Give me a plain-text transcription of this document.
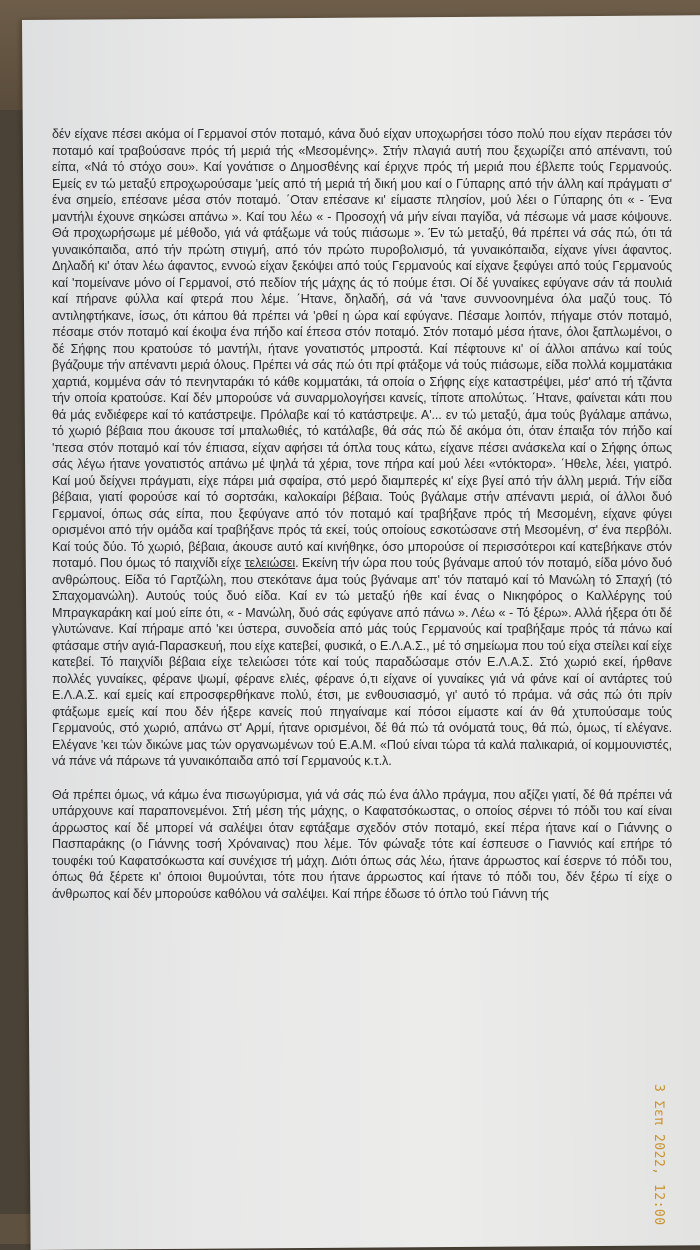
δέν είχανε πέσει ακόμα οί Γερμανοί στόν ποταμό, κάνα δυό είχαν υποχωρήσει τόσο πολύ που είχαν περάσει τόν ποταμό καί τραβούσανε πρός τή μεριά τής «Μεσομένης». Στήν πλαγιά αυτή που ξεχωρίζει από απέναντι, τού είπα, «Νά τό στόχο σου». Καί γονάτισε ο Δημοσθένης καί έριχνε πρός τή μεριά που έβλεπε τούς Γερμανούς. Εμείς εν τώ μεταξύ επροχωρούσαμε 'μείς από τή μεριά τή δική μου καί ο Γύπαρης από τήν άλλη καί πράγματι σ' ένα σημείο, επέσανε μέσα στόν ποταμό. ΄Οταν επέσανε κι' είμαστε πλησίον, μού λέει ο Γύπαρης ότι « - Ένα μαντήλι έχουνε σηκώσει απάνω ». Καί του λέω « - Προσοχή νά μήν είναι παγίδα, νά πέσωμε νά μασε κόψουνε. Θά προχωρήσωμε μέ μέθοδο, γιά νά φτάξωμε νά τούς πιάσωμε ». Έν τώ μεταξύ, θά πρέπει νά σάς πώ, ότι τά γυναικόπαιδα, από τήν πρώτη στιγμή, από τόν πρώτο πυροβολισμό, τά γυναικόπαιδα, είχανε γίνει άφαντος. Δηλαδή κι' όταν λέω άφαντος, εννοώ είχαν ξεκόψει από τούς Γερμανούς καί είχανε ξεφύγει από τούς Γερμανούς καί 'πομείνανε μόνο οί Γερμανοί, στό πεδίον τής μάχης άς τό πούμε έτσι. Οί δέ γυναίκες εφύγανε σάν τά πουλιά καί πήρανε φύλλα καί φτερά που λέμε. ΄Ητανε, δηλαδή, σά νά 'τανε συννοονημένα όλα μαζύ τους. Τό αντιληφτήκανε, ίσως, ότι κάπου θά πρέπει νά 'ρθεί η ώρα καί εφύγανε. Πέσαμε λοιπόν, πήγαμε στόν ποταμό, πέσαμε στόν ποταμό καί έκοψα ένα πήδο καί έπεσα στόν ποταμό. Στόν ποταμό μέσα ήτανε, όλοι ξαπλωμένοι, ο δέ Σήφης που κρατούσε τό μαντήλι, ήτανε γονατιστός μπροστά. Καί πέφτουνε κι' οί άλλοι απάνω καί τούς βγάζουμε τήν απέναντι μεριά όλους. Πρέπει νά σάς πώ ότι πρί φτάξομε νά τούς πιάσωμε, είδα πολλά κομματάκια χαρτιά, κομμένα σάν τό πενηνταράκι τό κάθε κομματάκι, τά οποία ο Σήφης είχε καταστρέψει, μέσ' από τή τζάντα τήν οποία κρατούσε. Καί δέν μπορούσε νά συναρμολογήσει κανείς, τίποτε απολύτως. ΄Ητανε, φαίνεται κάτι που θά μάς ενδιέφερε καί τό κατάστρεψε. Πρόλαβε καί τό κατάστρεψε. Α'... εν τώ μεταξύ, άμα τούς βγάλαμε απάνω, τό χωριό βέβαια που άκουσε τσί μπαλωθιές, τό κατάλαβε, θά σάς πώ δέ ακόμα ότι, όταν έπαιξα τόν πήδο καί 'πεσα στόν ποταμό καί τόν έπιασα, είχαν αφήσει τά όπλα τους κάτω, είχανε πέσει ανάσκελα καί ο Σήφης όπως σάς λέγω ήτανε γονατιστός απάνω μέ ψηλά τά χέρια, τονε πήρα καί μού λέει «ντόκτορα». ΄Ηθελε, λέει, γιατρό. Καί μού δείχνει πράγματι, είχε πάρει μιά σφαίρα, στό μερό διαμπερές κι' είχε βγεί από τήν άλλη μεριά. Τήν είδα βέβαια, γιατί φορούσε καί τό σορτσάκι, καλοκαίρι βέβαια. Τούς βγάλαμε στήν απέναντι μεριά, οί άλλοι δυό Γερμανοί, όπως σάς είπα, που ξεφύγανε από τόν ποταμό καί τραβήξανε πρός τή Μεσομένη, είχανε φύγει ορισμένοι από τήν ομάδα καί τραβήξανε πρός τά εκεί, τούς οποίους εσκοτώσανε στή Μεσομένη, σ' ένα περβόλι. Καί τούς δύο. Τό χωριό, βέβαια, άκουσε αυτό καί κινήθηκε, όσο μπορούσε οί περισσότεροι καί κατεβήκανε στόν ποταμό. Που όμως τό παιχνίδι είχε τελειώσει. Εκείνη τήν ώρα που τούς βγάναμε απού τόν ποταμό, είδα μόνο δυό ανθρώπους. Είδα τό Γαρτζώλη, που στεκότανε άμα τούς βγάναμε απ' τόν παταμό καί τό Μανώλη τό Σπαχή (τό Σπαχομανώλη). Αυτούς τούς δυό είδα. Καί εν τώ μεταξύ ήθε καί ένας ο Νικηφόρος ο Καλλέργης τού Μπραγκαράκη καί μού είπε ότι, « - Μανώλη, δυό σάς εφύγανε από πάνω ». Λέω « - Τό ξέρω». Αλλά ήξερα ότι δέ γλυτώνανε. Καί πήραμε από 'κει ύστερα, συνοδεία από μάς τούς Γερμανούς καί τραβήξαμε πρός τά πάνω καί φτάσαμε στήν αγιά-Παρασκευή, που είχε κατεβεί, φυσικά, ο Ε.Λ.Α.Σ., μέ τό σημείωμα που τού είχα στείλει καί είχε κατεβεί. Τό παιχνίδι βέβαια είχε τελειώσει τότε καί τούς παραδώσαμε στόν Ε.Λ.Α.Σ. Στό χωριό εκεί, ήρθανε πολλές γυναίκες, φέρανε ψωμί, φέρανε ελιές, φέρανε ό,τι είχανε οί γυναίκες γιά νά φάνε καί οί αντάρτες τού Ε.Λ.Α.Σ. καί εμείς καί επροσφερθήκανε πολύ, έτσι, με ενθουσιασμό, γι' αυτό τό πράμα. νά σάς πώ ότι πρίν φτάξωμε εμείς καί που δέν ήξερε κανείς πού πηγαίναμε καί πόσοι είμαστε καί άν θά χτυπούσαμε τούς Γερμανούς, στό χωριό, απάνω στ' Αρμί, ήτανε ορισμένοι, δέ θά πώ τά ονόματά τους, θά πώ, όμως, τί ελέγανε. Ελέγανε 'κει τών δικώνε μας τών οργανωμένων τού Ε.Α.Μ. «Πού είναι τώρα τά καλά παλικαριά, οί κομμουνιστές, νά πάνε νά πάρωνε τά γυναικόπαιδα από τσί Γερμανούς κ.τ.λ.

Θά πρέπει όμως, νά κάμω ένα πισωγύρισμα, γιά νά σάς πώ ένα άλλο πράγμα, που αξίζει γιατί, δέ θά πρέπει νά υπάρχουνε καί παραπονεμένοι. Στή μέση τής μάχης, ο Καφατσόκωστας, ο οποίος σέρνει τό πόδι του καί είναι άρρωστος καί δέ μπορεί νά σαλέψει όταν εφτάξαμε σχεδόν στόν ποταμό, εκεί πέρα ήτανε καί ο Γιάννης ο Πασπαράκης (ο Γιάννης τοσή Χρόναινας) που λέμε. Τόν φώναξε τότε καί έσπευσε ο Γιαννιός καί επήρε τό τουφέκι τού Καφατσόκωστα καί συνέχισε τή μάχη. Διότι όπως σάς λέω, ήτανε άρρωστος καί έσερνε τό πόδι του, όπως θά ξέρετε κι' όποιοι θυμούνται, τότε που ήτανε άρρωστος καί ήτανε τό πόδι του, δέν ξέρω τί είχε ο άνθρωπος καί δέν μπορούσε καθόλου νά σαλέψει. Καί πήρε έδωσε τό όπλο τού Γιάννη τής

3 Σεπ 2022, 12:00
